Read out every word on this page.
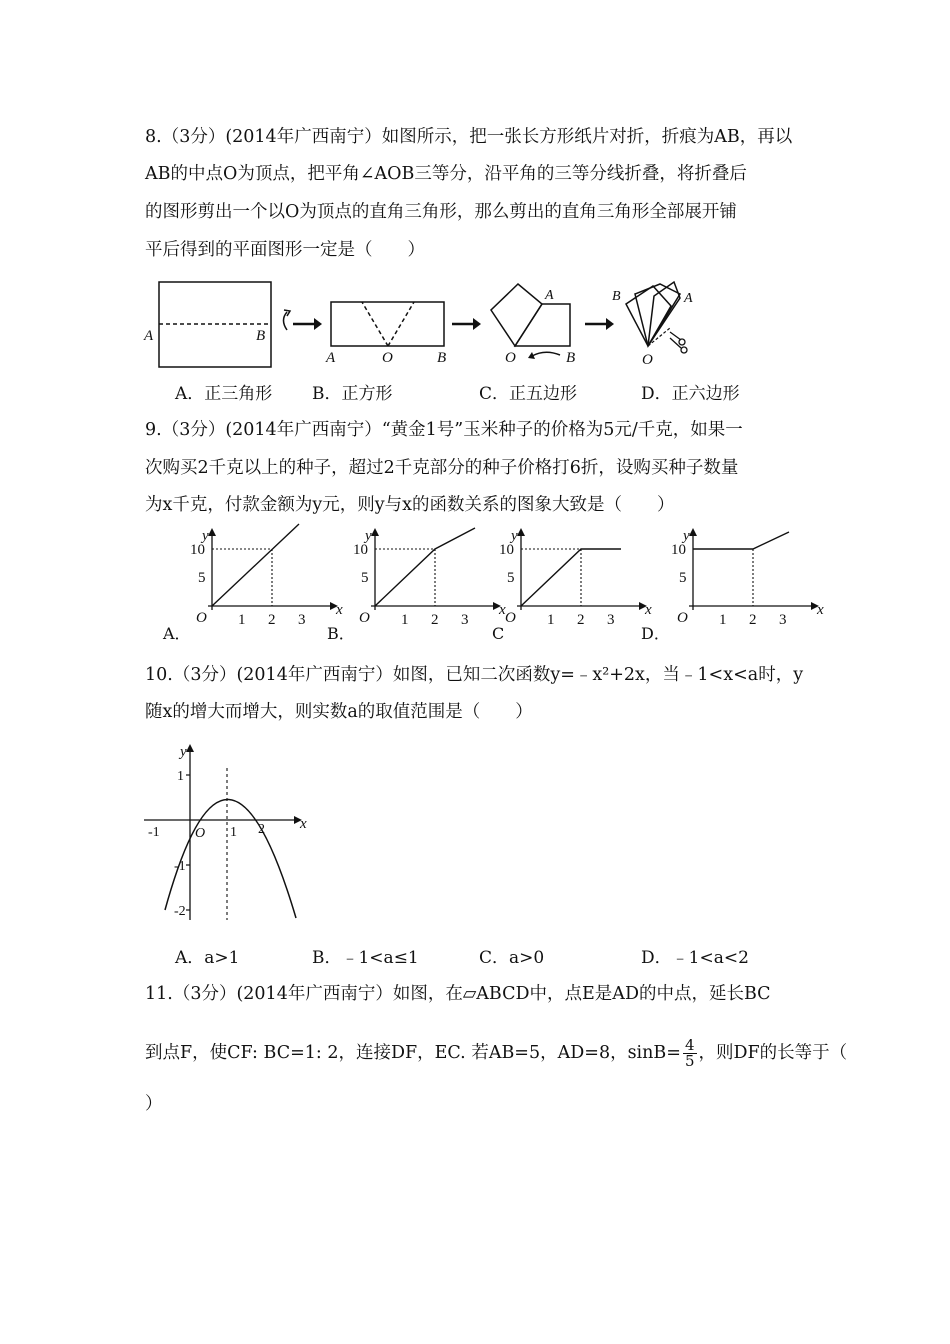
8.（3分）(2014年广西南宁）如图所示，把一张长方形纸片对折，折痕为AB，再以
AB的中点O为顶点，把平角∠AOB三等分，沿平角的三等分线折叠，将折叠后
的图形剪出一个以O为顶点的直角三角形，那么剪出的直角三角形全部展开铺
平后得到的平面图形一定是（　　）
A	B
A	O	B
A
O	B
B	A
O
A．正三角形 B．正方形	C．正五边形	D．正六边形
9.（3分）(2014年广西南宁）“黄金1号”玉米种子的价格为5元/千克，如果一
次购买2千克以上的种子，超过2千克部分的种子价格打6折，设购买种子数量
为x千克，付款金额为y元，则y与x的函数关系的图象大致是（　　）
y
x
O
10
5
1 2 3
y
x
O
10
5
1 2 3
y
x
O
10
5
1 2 3
y
x
O
10
5
1 2 3
A．	B．	C	D．
10.（3分）(2014年广西南宁）如图，已知二次函数y=﹣x²+2x，当﹣1<x<a时，y
随x的增大而增大，则实数a的取值范围是（　　）
y
x
O
1
-1
-2
-1	1 2
A．a>1	B．﹣1<a≤1	C．a>0	D．﹣1<a<2
11.（3分）(2014年广西南宁）如图，在▱ABCD中，点E是AD的中点，延长BC
到点F，使CF: BC=1: 2，连接DF，EC. 若AB=5，AD=8，$\sin B= \frac{4}{5}$ ，则DF的长等于（
）
